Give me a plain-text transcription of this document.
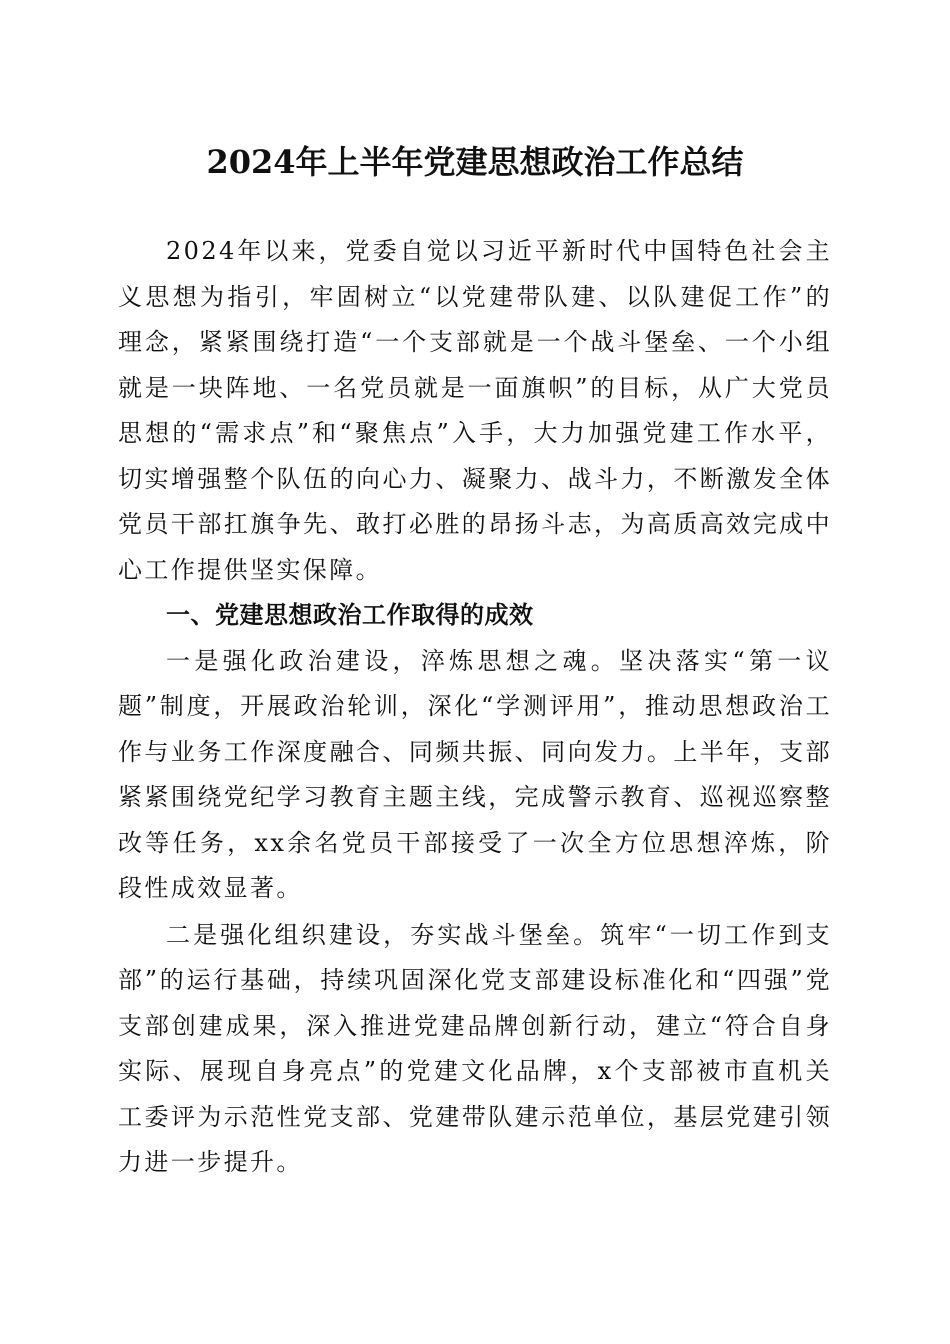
2024年上半年党建思想政治工作总结

2024年以来，党委自觉以习近平新时代中国特色社会主义思想为指引，牢固树立“以党建带队建、以队建促工作”的理念，紧紧围绕打造“一个支部就是一个战斗堡垒、一个小组就是一块阵地、一名党员就是一面旗帜”的目标，从广大党员思想的“需求点”和“聚焦点”入手，大力加强党建工作水平，切实增强整个队伍的向心力、凝聚力、战斗力，不断激发全体党员干部扛旗争先、敢打必胜的昂扬斗志，为高质高效完成中心工作提供坚实保障。

一、党建思想政治工作取得的成效

一是强化政治建设，淬炼思想之魂。坚决落实“第一议题”制度，开展政治轮训，深化“学测评用”，推动思想政治工作与业务工作深度融合、同频共振、同向发力。上半年，支部紧紧围绕党纪学习教育主题主线，完成警示教育、巡视巡察整改等任务，xx余名党员干部接受了一次全方位思想淬炼，阶段性成效显著。

二是强化组织建设，夯实战斗堡垒。筑牢“一切工作到支部”的运行基础，持续巩固深化党支部建设标准化和“四强”党支部创建成果，深入推进党建品牌创新行动，建立“符合自身实际、展现自身亮点”的党建文化品牌，x个支部被市直机关工委评为示范性党支部、党建带队建示范单位，基层党建引领力进一步提升。
